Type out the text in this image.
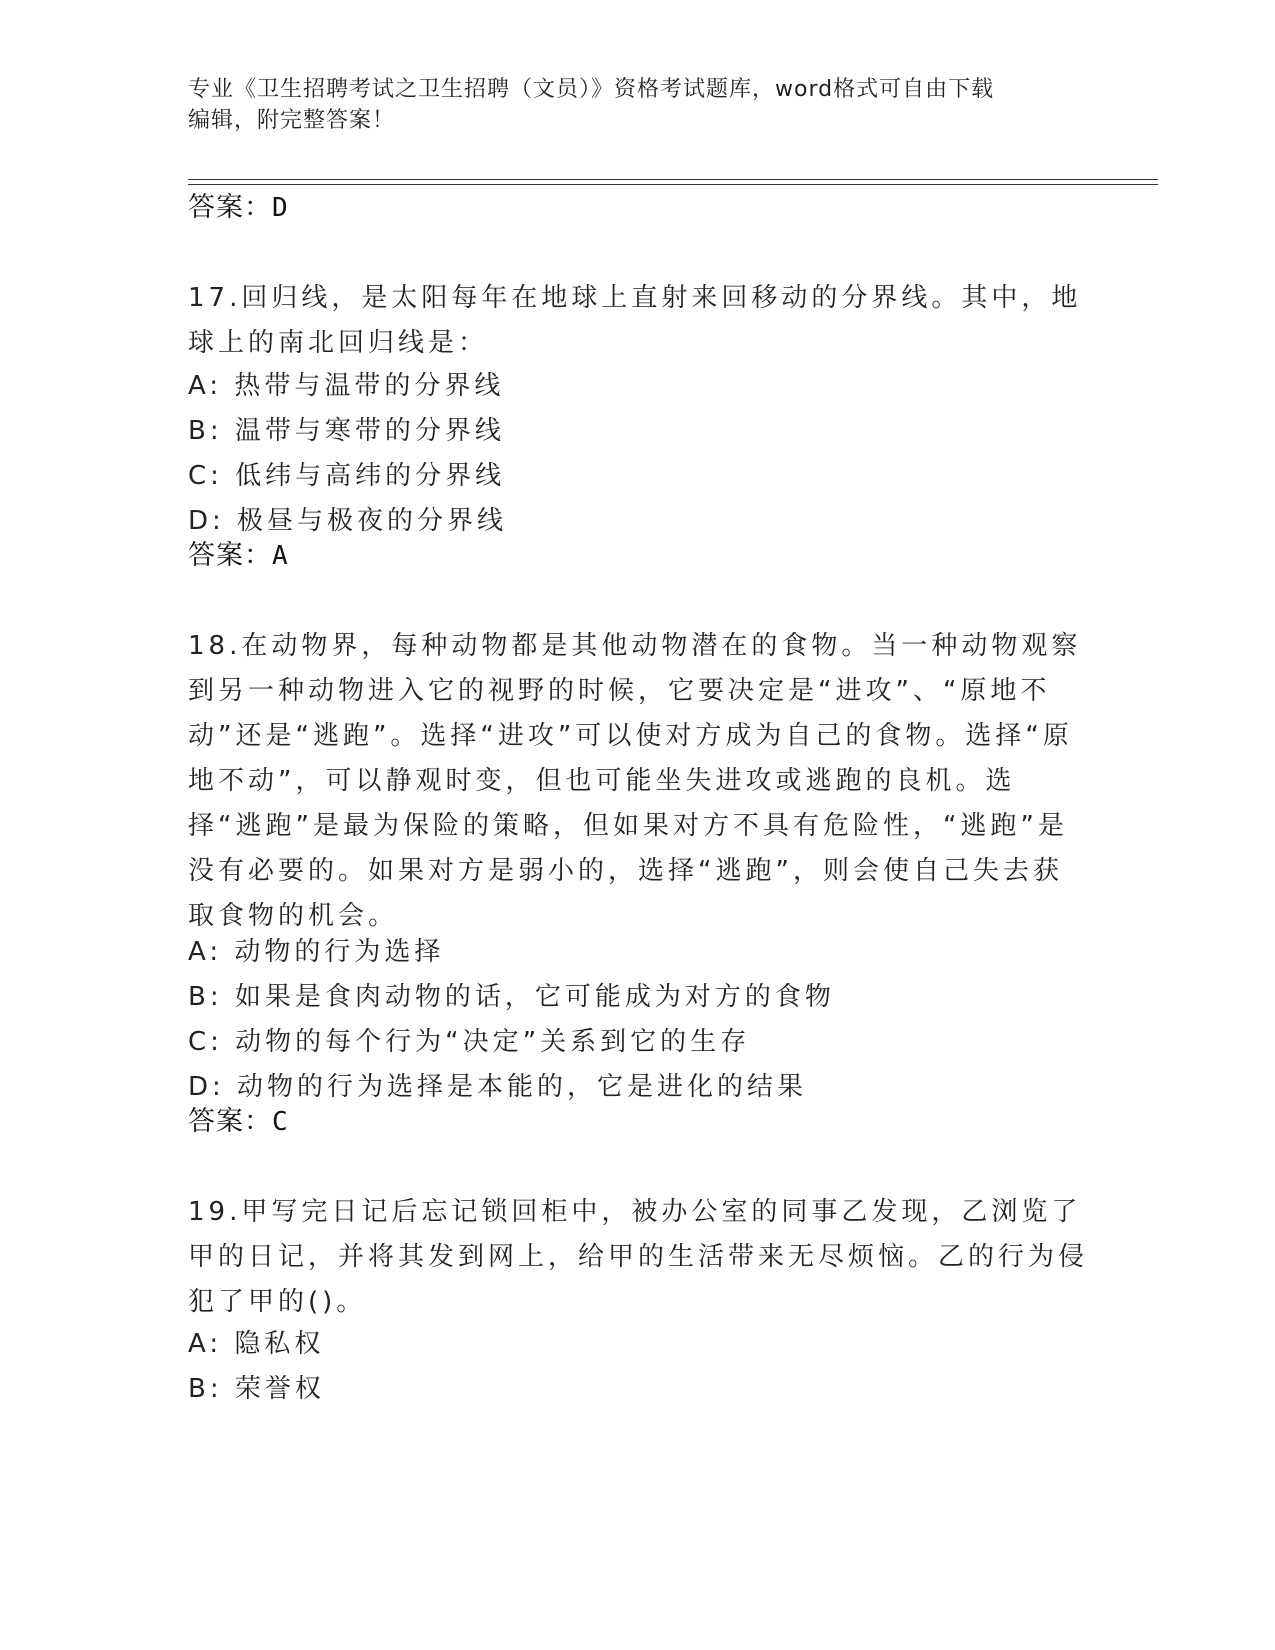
专业《卫生招聘考试之卫生招聘（文员）》资格考试题库，word格式可自由下载
编辑，附完整答案！
答案：D

17.回归线，是太阳每年在地球上直射来回移动的分界线。其中，地球上的南北回归线是：

A: 热带与温带的分界线
B: 温带与寒带的分界线
C: 低纬与高纬的分界线
D: 极昼与极夜的分界线
答案：A

18.在动物界，每种动物都是其他动物潜在的食物。当一种动物观察到另一种动物进入它的视野的时候，它要决定是“进攻”、“原地不动”还是“逃跑”。选择“进攻”可以使对方成为自己的食物。选择“原地不动”，可以静观时变，但也可能坐失进攻或逃跑的良机。选择“逃跑”是最为保险的策略，但如果对方不具有危险性，“逃跑”是没有必要的。如果对方是弱小的，选择“逃跑”，则会使自己失去获取食物的机会。

A: 动物的行为选择
B: 如果是食肉动物的话，它可能成为对方的食物
C: 动物的每个行为“决定”关系到它的生存
D: 动物的行为选择是本能的，它是进化的结果
答案：C

19.甲写完日记后忘记锁回柜中，被办公室的同事乙发现，乙浏览了甲的日记，并将其发到网上，给甲的生活带来无尽烦恼。乙的行为侵犯了甲的()。

A: 隐私权
B: 荣誉权
